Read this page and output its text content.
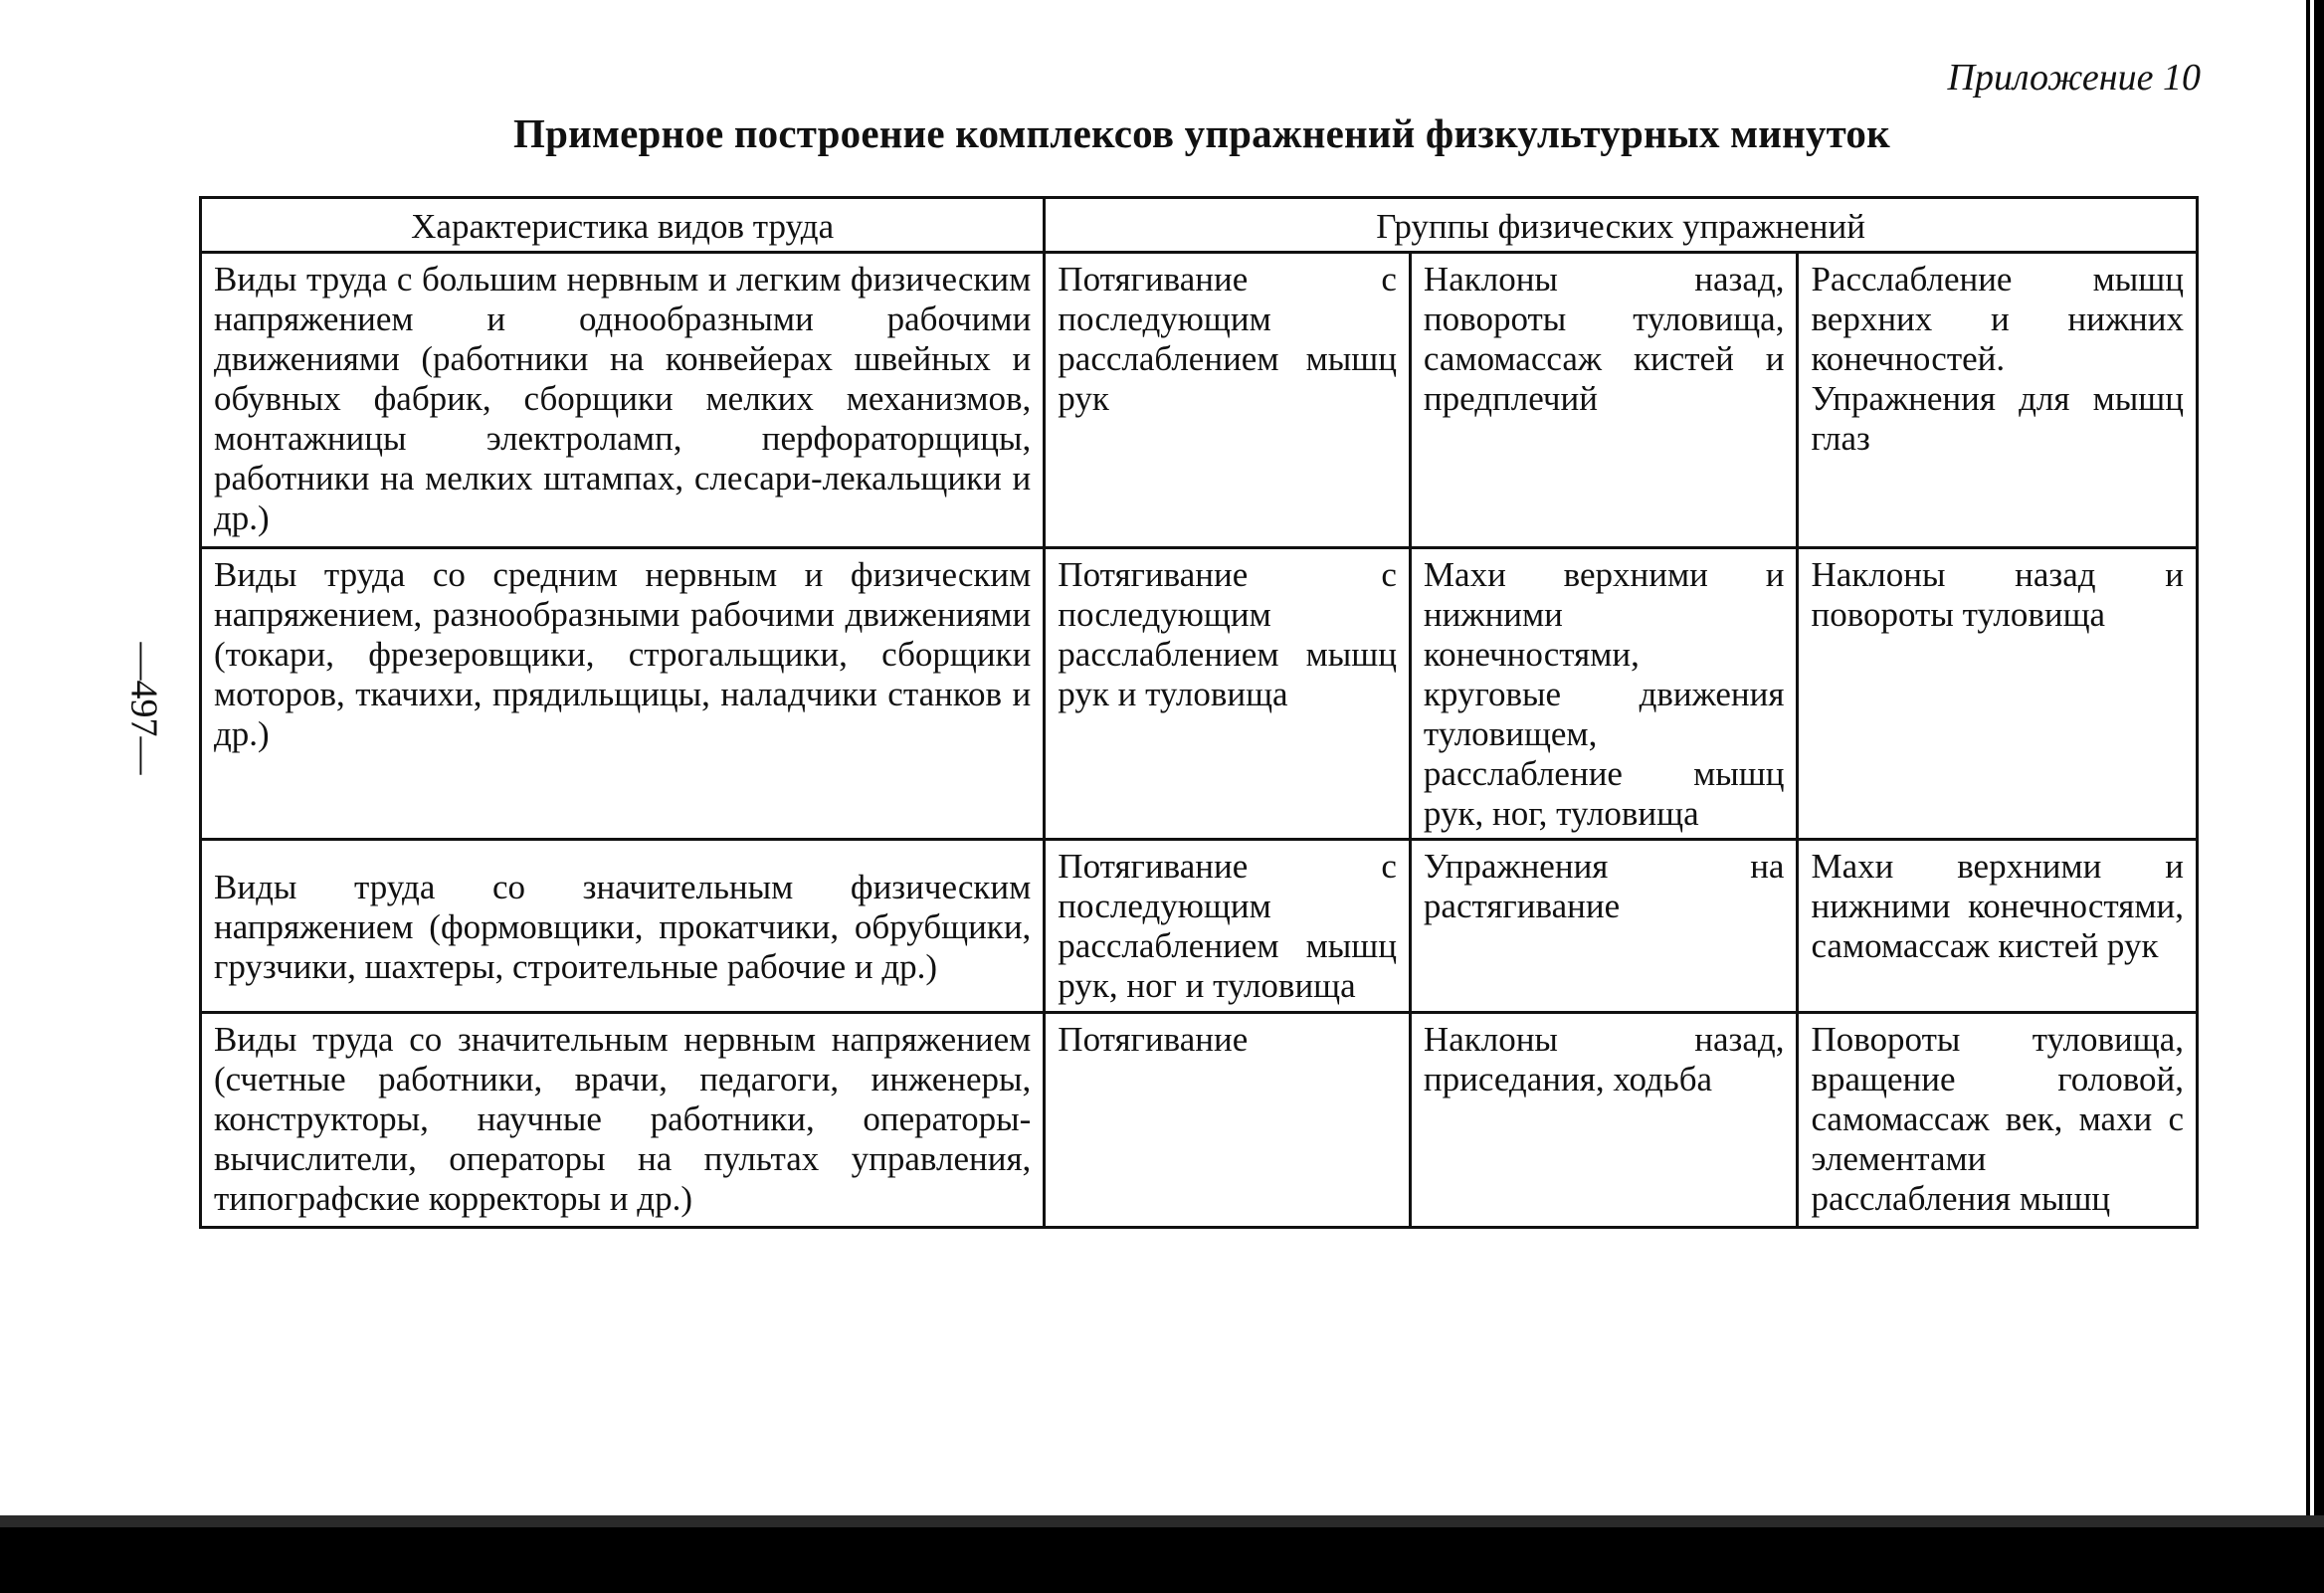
Приложение 10
Примерное построение комплексов упражнений физкультурных минуток
—497—
Характеристика видов труда	Группы физических упражнений		
Виды труда с большим нервным и легким физическим напряжением и однообразными рабочими движениями (работники на конвейерах швейных и обувных фабрик, сборщики мелких механизмов, монтажницы электроламп, перфораторщицы, работники на мелких штампах, слесари-лекальщики и др.)	Потягивание с последующим расслаблением мышц рук	Наклоны назад, повороты туловища, самомассаж кистей и предплечий	Расслабление мышц верхних и нижних конечностей. Упражнения для мышц глаз
Виды труда со средним нервным и физическим напряжением, разнообразными рабочими движениями (токари, фрезеровщики, строгальщики, сборщики моторов, ткачихи, прядильщицы, наладчики станков и др.)	Потягивание с последующим расслаблением мышц рук и туловища	Махи верхними и нижними конечностями, круговые движения туловищем, расслабление мышц рук, ног, туловища	Наклоны назад и повороты туловища
Виды труда со значительным физическим напряжением (формовщики, прокатчики, обрубщики, грузчики, шахтеры, строительные рабочие и др.)	Потягивание с последующим расслаблением мышц рук, ног и туловища	Упражнения на растягивание	Махи верхними и нижними конечностями, самомассаж кистей рук
Виды труда со значительным нервным напряжением (счетные работники, врачи, педагоги, инженеры, конструкторы, научные работники, операторы-вычислители, операторы на пультах управления, типографские корректоры и др.)	Потягивание	Наклоны назад, приседания, ходьба	Повороты туловища, вращение головой, самомассаж век, махи с элементами расслабления мышц
